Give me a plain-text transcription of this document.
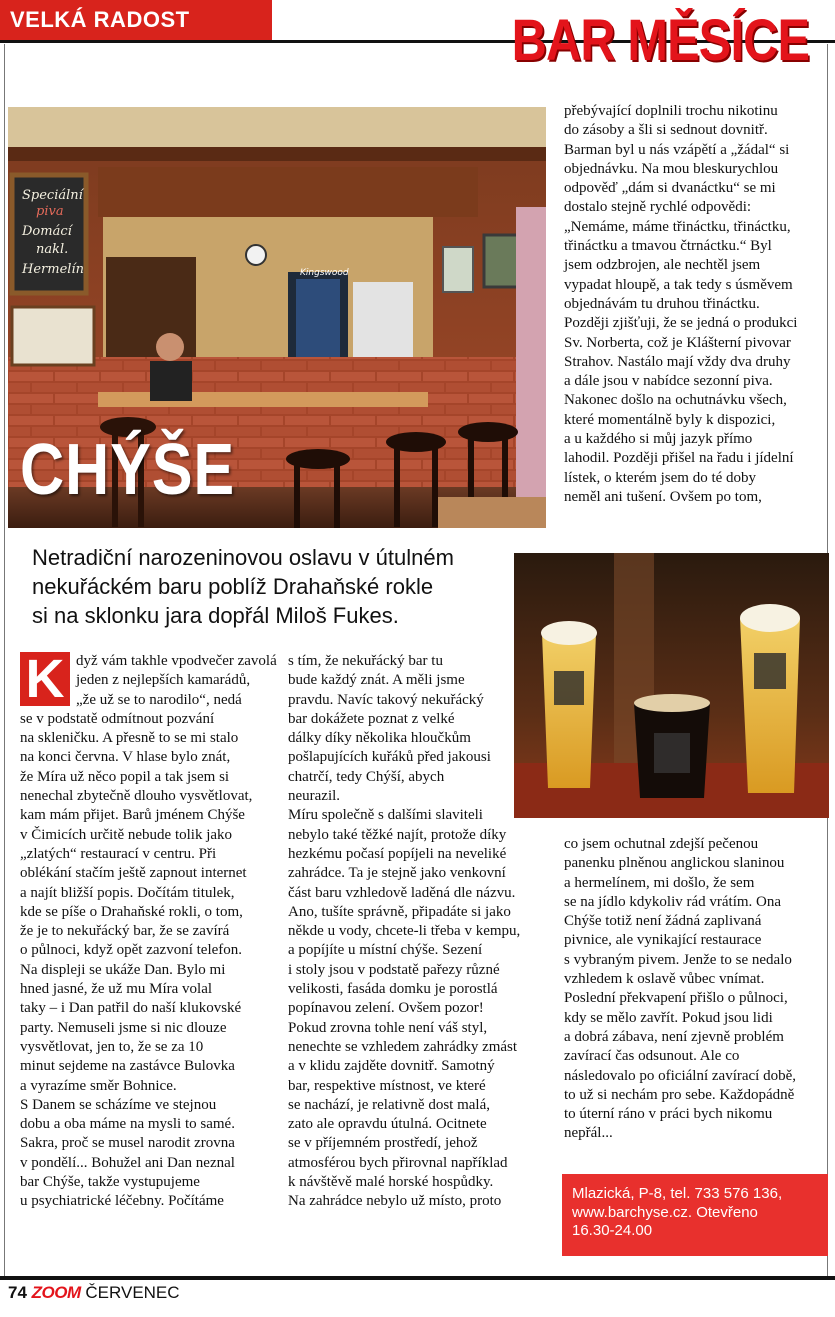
VELKÁ RADOST	BAR MĚSÍCE
Speciální
piva
Domácí
nakl.
Hermelín	Kingswood
CHÝŠE
Netradiční narozeninovou oslavu v útulném
nekuřáckém baru poblíž Drahaňské rokle
si na sklonku jara dopřál Miloš Fukes.
přebývající doplnili trochu nikotinu
do zásoby a šli si sednout dovnitř.
Barman byl u nás vzápětí a „žádal“ si
objednávku. Na mou bleskurychlou
odpověď „dám si dvanáctku“ se mi
dostalo stejně rychlé odpovědi:
„Nemáme, máme třináctku, třináctku,
třináctku a tmavou čtrnáctku.“ Byl
jsem odzbrojen, ale nechtěl jsem
vypadat hloupě, a tak tedy s úsměvem
objednávám tu druhou třináctku.
Později zjišťuji, že se jedná o produkci
Sv. Norberta, což je Klášterní pivovar
Strahov. Nastálo mají vždy dva druhy
a dále jsou v nabídce sezonní piva.
Nakonec došlo na ochutnávku všech,
které momentálně byly k dispozici,
a u každého si můj jazyk přímo
lahodil. Později přišel na řadu i jídelní
lístek, o kterém jsem do té doby
neměl ani tušení. Ovšem po tom,
K dyž vám takhle vpodvečer zavolá
jeden z nejlepších kamarádů,
„že už se to narodilo“, nedá
se v podstatě odmítnout pozvání
na skleničku. A přesně to se mi stalo
na konci června. V hlase bylo znát,
že Míra už něco popil a tak jsem si
nenechal zbytečně dlouho vysvětlovat,
kam mám přijet. Barů jménem Chýše
v Čimicích určitě nebude tolik jako
„zlatých“ restaurací v centru. Při
oblékání stačím ještě zapnout internet
a najít bližší popis. Dočítám titulek,
kde se píše o Drahaňské rokli, o tom,
že je to nekuřácký bar, že se zavírá
o půlnoci, když opět zazvoní telefon.
Na displeji se ukáže Dan. Bylo mi
hned jasné, že už mu Míra volal
taky – i Dan patřil do naší klukovské
party. Nemuseli jsme si nic dlouze
vysvětlovat, jen to, že se za 10
minut sejdeme na zastávce Bulovka
a vyrazíme směr Bohnice.
S Danem se scházíme ve stejnou
dobu a oba máme na mysli to samé.
Sakra, proč se musel narodit zrovna
v pondělí... Bohužel ani Dan neznal
bar Chýše, takže vystupujeme
u psychiatrické léčebny. Počítáme
s tím, že nekuřácký bar tu
bude každý znát. A měli jsme
pravdu. Navíc takový nekuřácký
bar dokážete poznat z velké
dálky díky několika hloučkům
pošlapujících kuřáků před jakousi
chatrčí, tedy Chýší, abych
neurazil.
Míru společně s dalšími slaviteli
nebylo také těžké najít, protože díky
hezkému počasí popíjeli na neveliké
zahrádce. Ta je stejně jako venkovní
část baru vzhledově laděná dle názvu.
Ano, tušíte správně, připadáte si jako
někde u vody, chcete-li třeba v kempu,
a popíjíte u místní chýše. Sezení
i stoly jsou v podstatě pařezy různé
velikosti, fasáda domku je porostlá
popínavou zelení. Ovšem pozor!
Pokud zrovna tohle není váš styl,
nenechte se vzhledem zahrádky zmást
a v klidu zajděte dovnitř. Samotný
bar, respektive místnost, ve které
se nachází, je relativně dost malá,
zato ale opravdu útulná. Ocitnete
se v příjemném prostředí, jehož
atmosférou bych přirovnal například
k návštěvě malé horské hospůdky.
Na zahrádce nebylo už místo, proto
co jsem ochutnal zdejší pečenou
panenku plněnou anglickou slaninou
a hermelínem, mi došlo, že sem
se na jídlo kdykoliv rád vrátím. Ona
Chýše totiž není žádná zaplivaná
pivnice, ale vynikající restaurace
s vybraným pivem. Jenže to se nedalo
vzhledem k oslavě vůbec vnímat.
Poslední překvapení přišlo o půlnoci,
kdy se mělo zavřít. Pokud jsou lidi
a dobrá zábava, není zjevně problém
zavírací čas odsunout. Ale co
následovalo po oficiální zavírací době,
to už si nechám pro sebe. Každopádně
to úterní ráno v práci bych nikomu
nepřál...
Mlazická, P-8, tel. 733 576 136,
www.barchyse.cz. Otevřeno
16.30-24.00
74 ZOOM ČERVENEC
